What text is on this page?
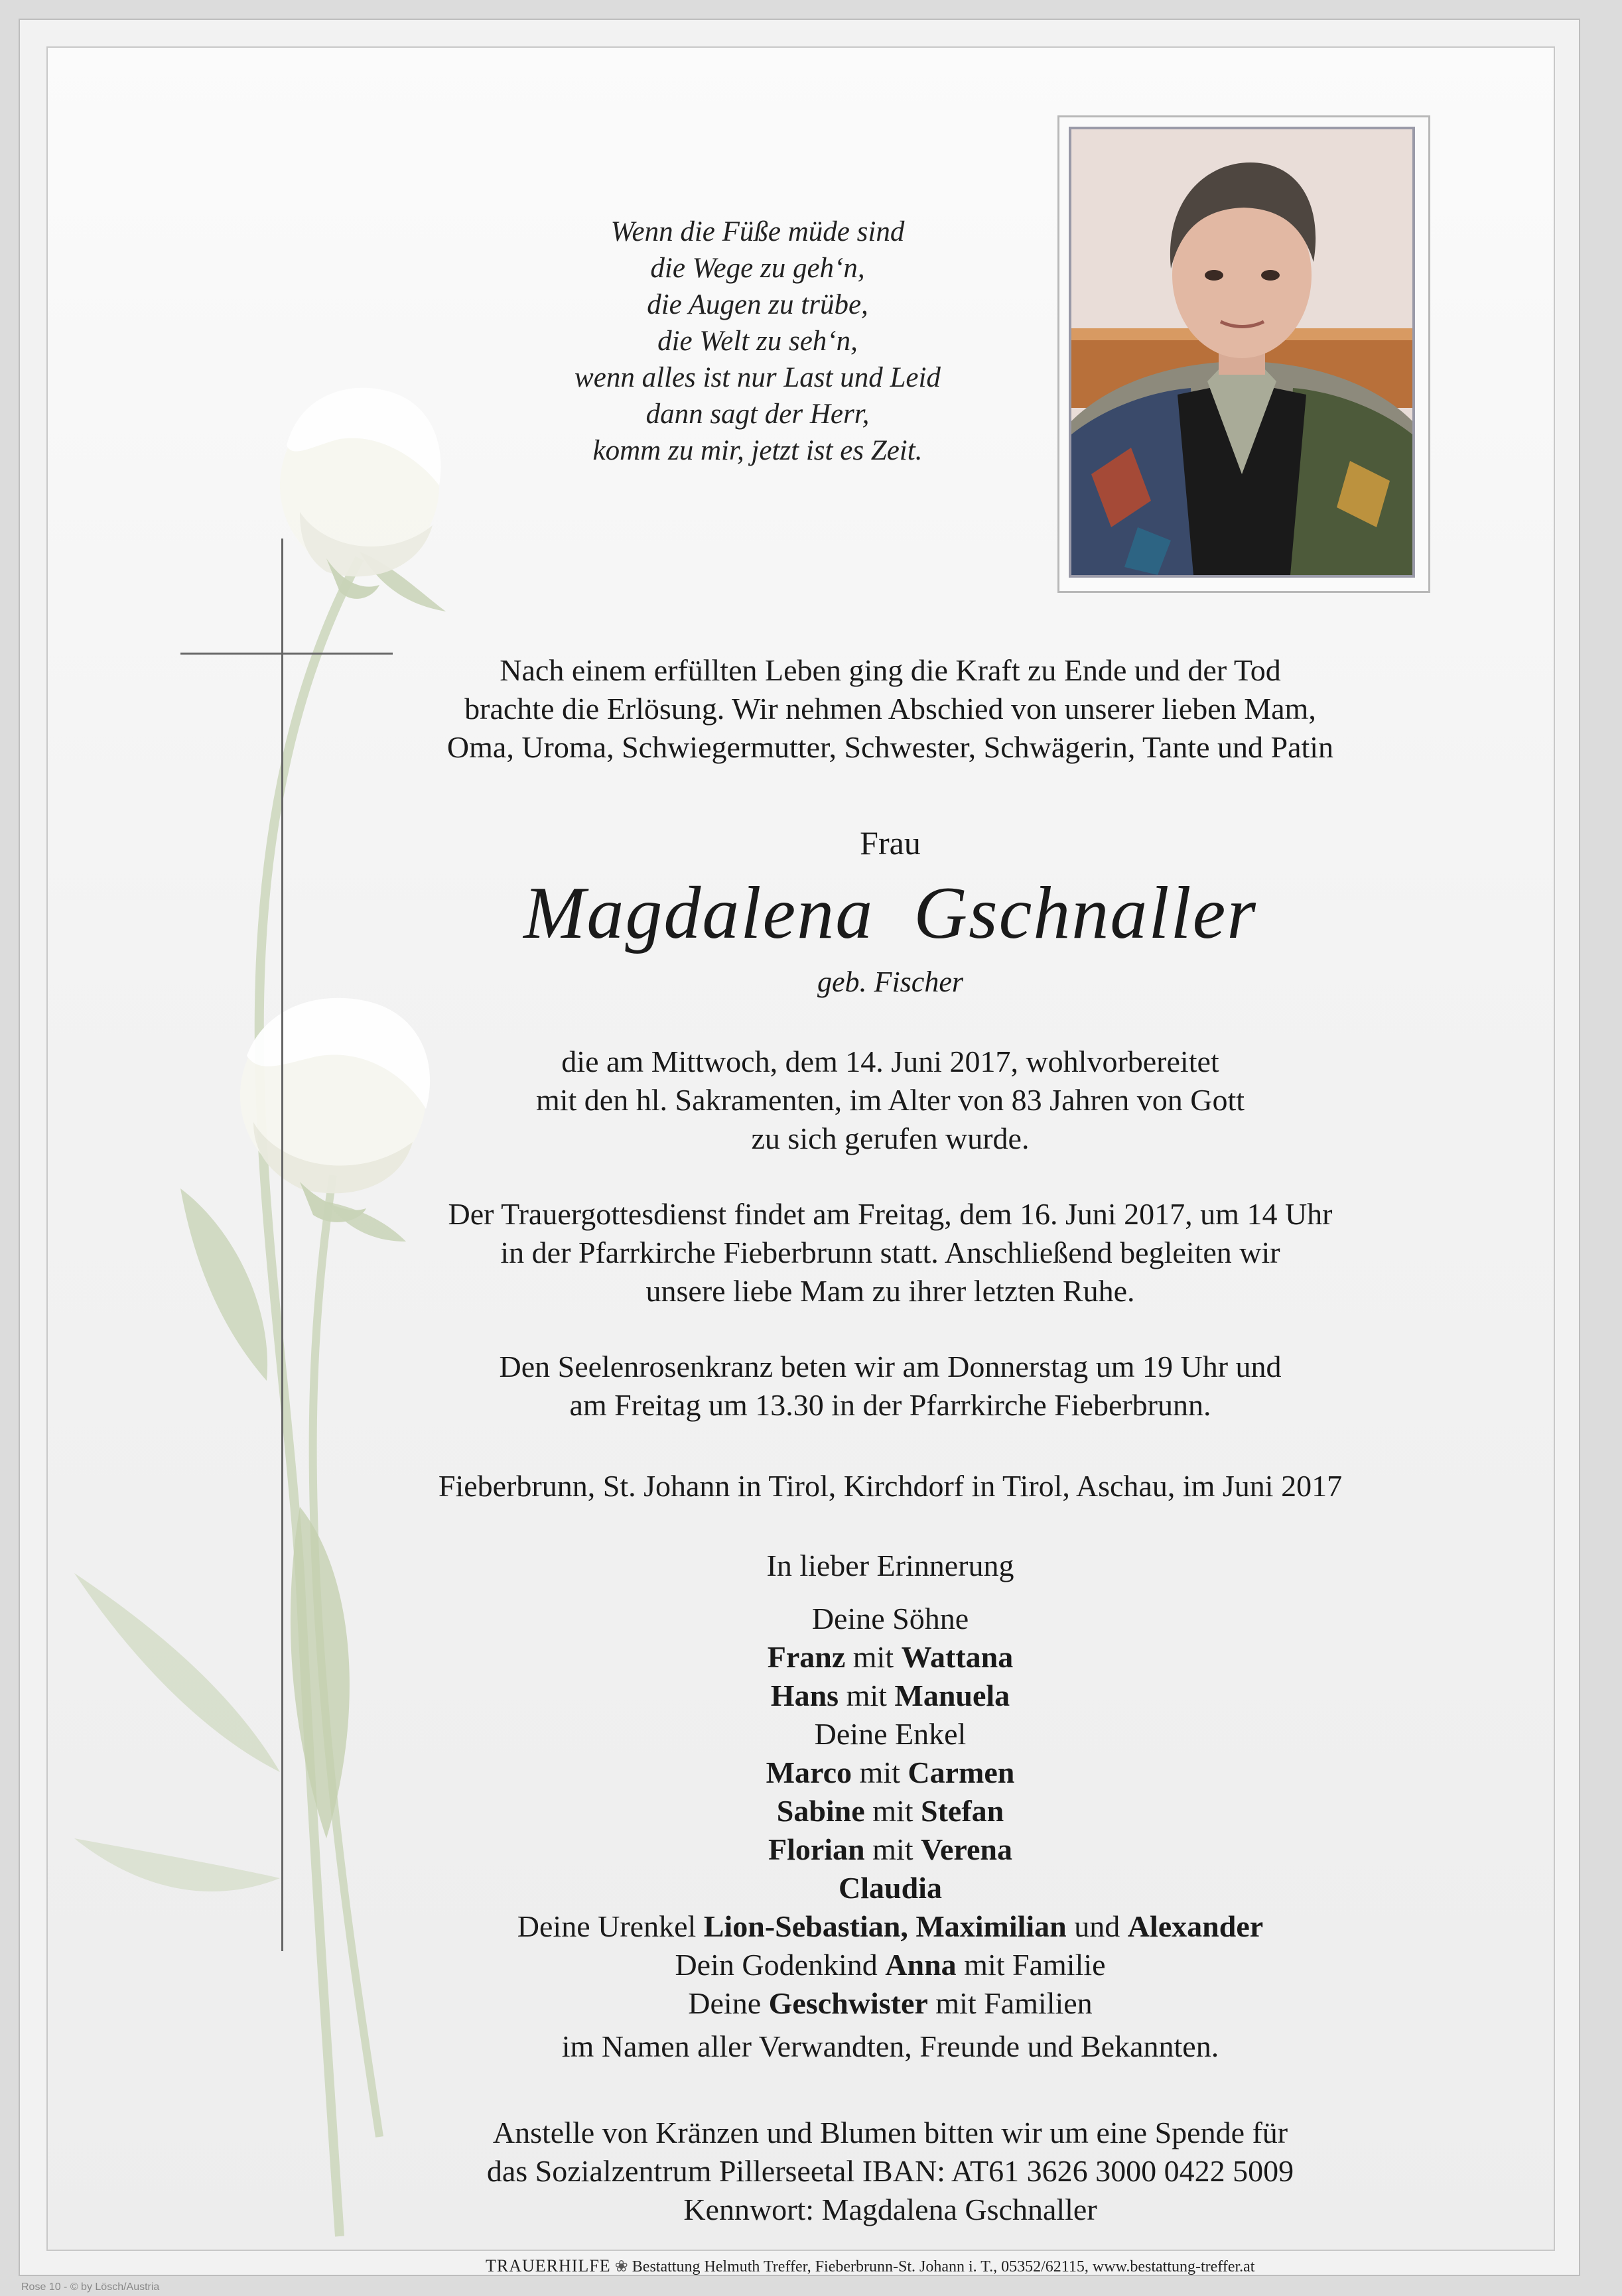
Wenn die Füße müde sind
die Wege zu geh‘n,
die Augen zu trübe,
die Welt zu seh‘n,
wenn alles ist nur Last und Leid
dann sagt der Herr,
komm zu mir, jetzt ist es Zeit.
Nach einem erfüllten Leben ging die Kraft zu Ende und der Tod
brachte die Erlösung. Wir nehmen Abschied von unserer lieben Mam,
Oma, Uroma, Schwiegermutter, Schwester, Schwägerin, Tante und Patin
Frau
Magdalena  Gschnaller
geb. Fischer
die am Mittwoch, dem 14. Juni 2017, wohlvorbereitet
mit den hl. Sakramenten, im Alter von 83 Jahren von Gott
zu sich gerufen wurde.
Der Trauergottesdienst findet am Freitag, dem 16. Juni 2017, um 14 Uhr
in der Pfarrkirche Fieberbrunn statt. Anschließend begleiten wir
unsere liebe Mam zu ihrer letzten Ruhe.
Den Seelenrosenkranz beten wir am Donnerstag um 19 Uhr und
am Freitag um 13.30 in der Pfarrkirche Fieberbrunn.
Fieberbrunn, St. Johann in Tirol, Kirchdorf in Tirol, Aschau, im Juni 2017
In lieber Erinnerung
Deine Söhne
Franz mit Wattana
Hans mit Manuela
Deine Enkel
Marco mit Carmen
Sabine mit Stefan
Florian mit Verena
Claudia
Deine Urenkel Lion-Sebastian, Maximilian und Alexander
Dein Godenkind Anna mit Familie
Deine Geschwister mit Familien
im Namen aller Verwandten, Freunde und Bekannten.
Anstelle von Kränzen und Blumen bitten wir um eine Spende für
das Sozialzentrum Pillerseetal IBAN: AT61 3626 3000 0422 5009
Kennwort: Magdalena Gschnaller
TRAUERHILFE ❀ Bestattung Helmuth Treffer, Fieberbrunn-St. Johann i. T., 05352/62115, www.bestattung-treffer.at
Rose 10 - © by Lösch/Austria
